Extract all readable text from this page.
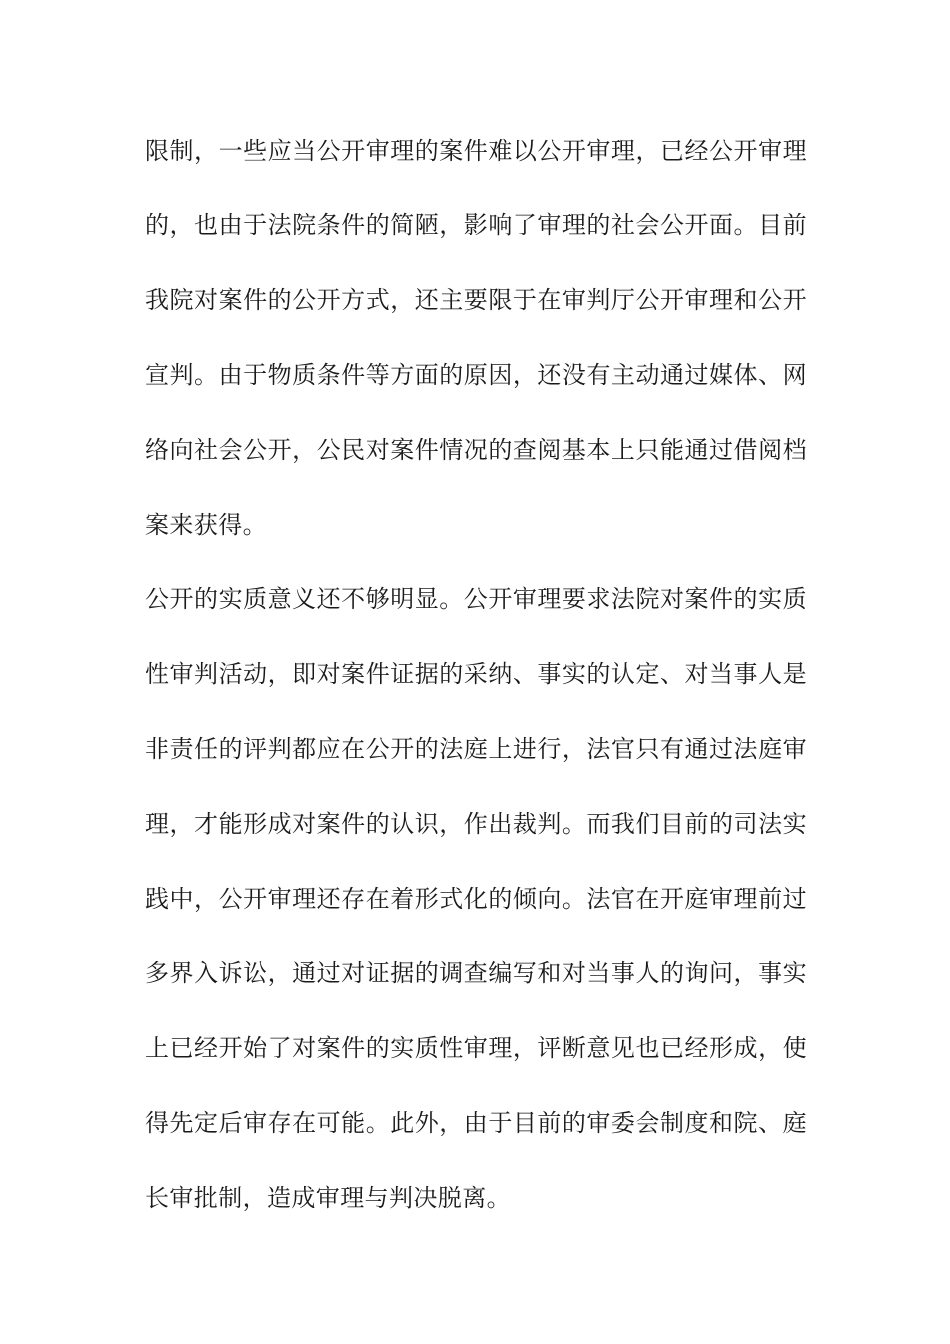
限制，一些应当公开审理的案件难以公开审理，已经公开审理
的，也由于法院条件的简陋，影响了审理的社会公开面。目前
我院对案件的公开方式，还主要限于在审判厅公开审理和公开
宣判。由于物质条件等方面的原因，还没有主动通过媒体、网
络向社会公开，公民对案件情况的查阅基本上只能通过借阅档
案来获得。
公开的实质意义还不够明显。公开审理要求法院对案件的实质
性审判活动，即对案件证据的采纳、事实的认定、对当事人是
非责任的评判都应在公开的法庭上进行，法官只有通过法庭审
理，才能形成对案件的认识，作出裁判。而我们目前的司法实
践中，公开审理还存在着形式化的倾向。法官在开庭审理前过
多界入诉讼，通过对证据的调查编写和对当事人的询问，事实
上已经开始了对案件的实质性审理，评断意见也已经形成，使
得先定后审存在可能。此外，由于目前的审委会制度和院、庭
长审批制，造成审理与判决脱离。
